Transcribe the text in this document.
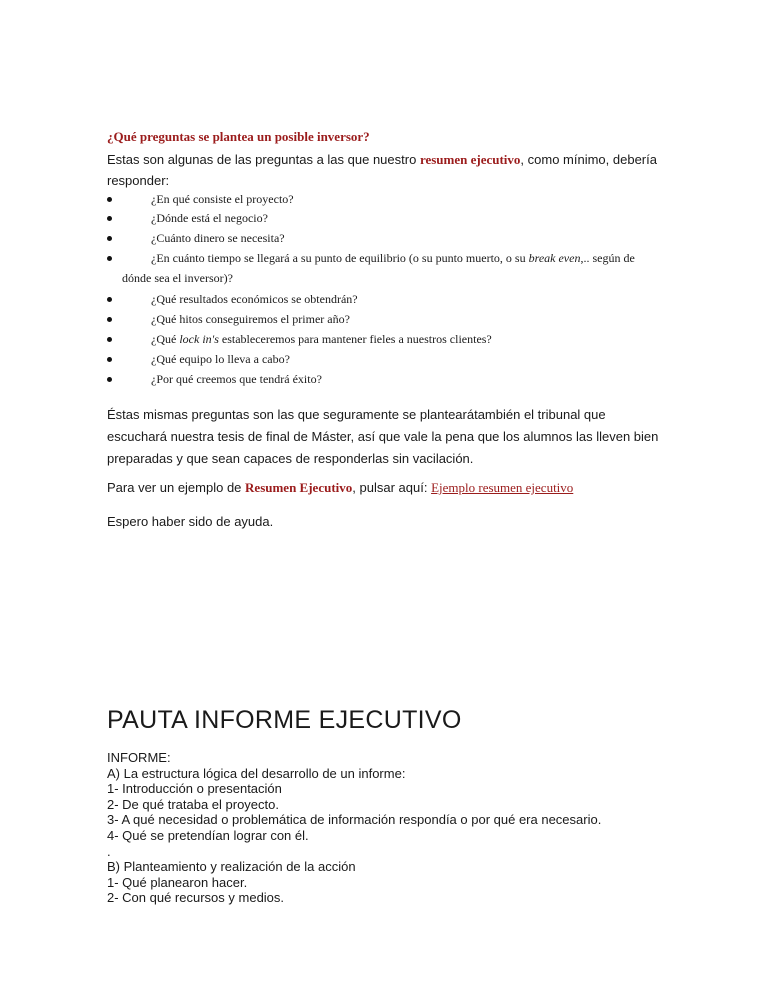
¿Qué preguntas se plantea un posible inversor?
Estas son algunas de las preguntas a las que nuestro resumen ejecutivo, como mínimo, debería responder:
¿En qué consiste el proyecto?
¿Dónde está el negocio?
¿Cuánto dinero se necesita?
¿En cuánto tiempo se llegará a su punto de equilibrio (o su punto muerto, o su break even,.. según de
dónde sea el inversor)?
¿Qué resultados económicos se obtendrán?
¿Qué hitos conseguiremos el primer año?
¿Qué lock in's estableceremos para mantener fieles a nuestros clientes?
¿Qué equipo lo lleva a cabo?
¿Por qué creemos que tendrá éxito?
Éstas mismas preguntas son las que seguramente se plantearátambién el tribunal que escuchará nuestra tesis de final de Máster, así que vale la pena que los alumnos las lleven bien preparadas y que sean capaces de responderlas sin vacilación.
Para ver un ejemplo de Resumen Ejecutivo, pulsar aquí: Ejemplo resumen ejecutivo
Espero haber sido de ayuda.
PAUTA INFORME EJECUTIVO
INFORME:
A) La estructura lógica del desarrollo de un informe:
1- Introducción o presentación
2- De qué trataba el proyecto.
3- A qué necesidad o problemática de información respondía o por qué era necesario.
4- Qué se pretendían lograr con él.
.
B) Planteamiento y realización de la acción
1- Qué planearon hacer.
2- Con qué recursos y medios.
